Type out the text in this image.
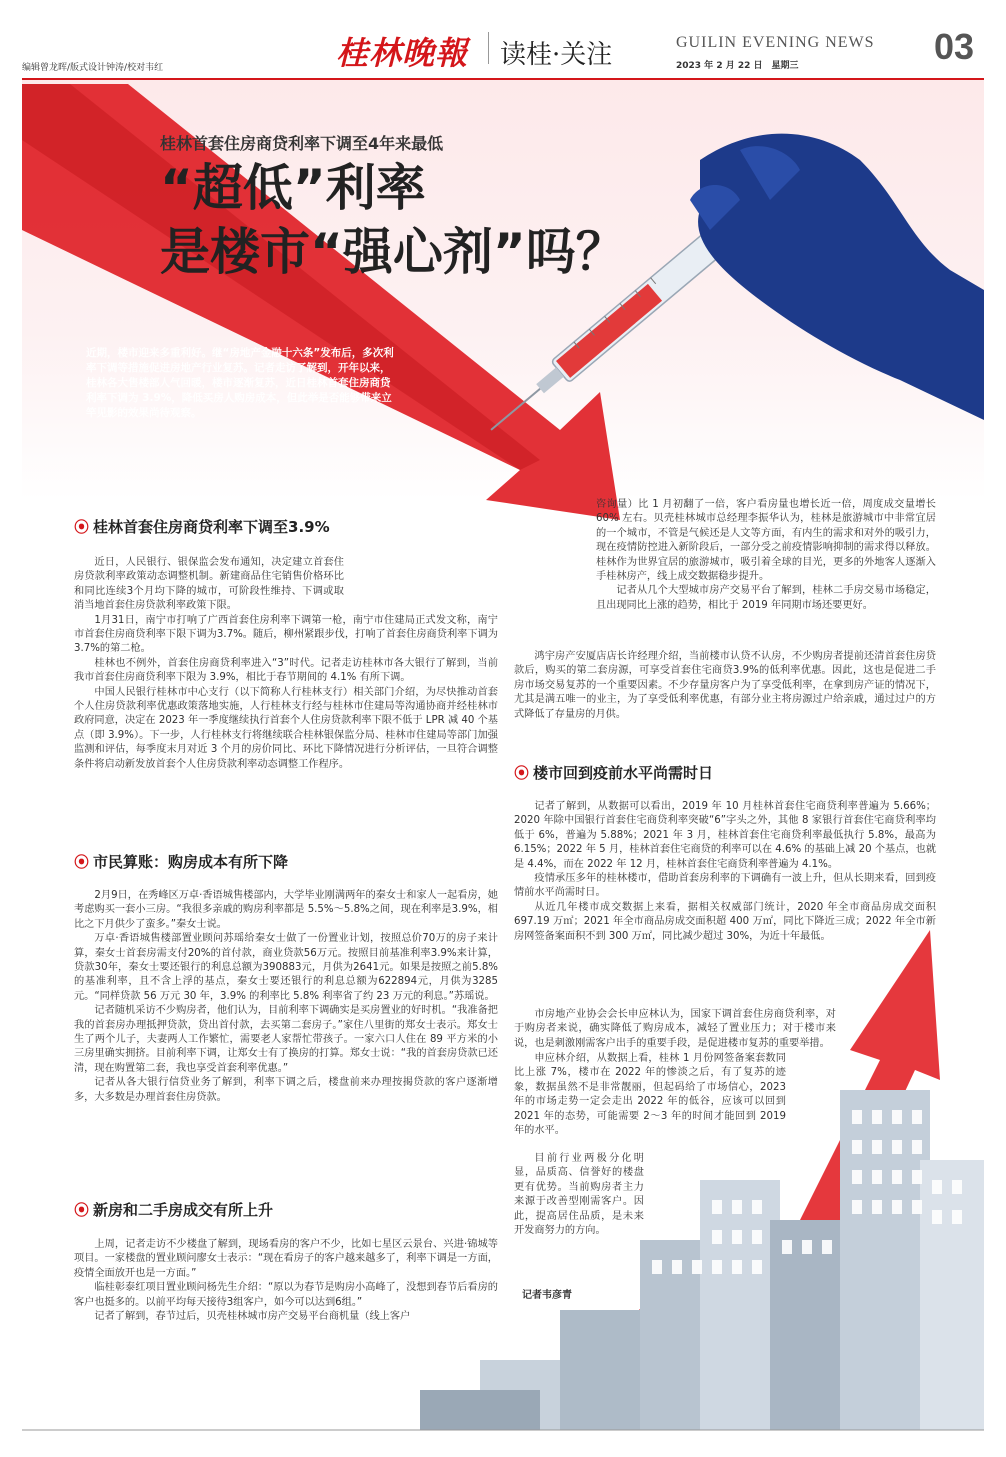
编辑曾龙晖/版式设计钟涛/校对韦红	桂林晚報 读桂·关注	GUILIN EVENING NEWS
2023 年 2 月 22 日　星期三	03
桂林首套住房商贷利率下调至4年来最低
“超低”利率
是楼市“强心剂”吗？
近期，楼市迎来多重利好。继“房地产金融十六条”发布后，多次利率下调等措施促进房地产行业复苏。记者走访了解到，开年以来，桂林各大售楼部人气回暖，楼市逐渐复苏，近日桂林首套住房商贷利率下调为 3.9%，降低买房人购房成本，但此举是否能够带来立竿见影的效果尚待观察。
⦿ 桂林首套住房商贷利率下调至3.9%

近日，人民银行、银保监会发布通知，决定建立首套住房贷款利率政策动态调整机制。新建商品住宅销售价格环比和同比连续3个月均下降的城市，可阶段性维持、下调或取消当地首套住房贷款利率政策下限。

1月31日，南宁市打响了广西首套住房利率下调第一枪，南宁市住建局正式发文称，南宁市首套住房商贷利率下限下调为3.7%。随后，柳州紧跟步伐，打响了首套住房商贷利率下调为3.7%的第二枪。

桂林也不例外，首套住房商贷利率进入“3”时代。记者走访桂林市各大银行了解到，当前我市首套住房商贷利率下限为 3.9%，相比于春节期间的 4.1% 有所下调。

中国人民银行桂林市中心支行（以下简称人行桂林支行）相关部门介绍，为尽快推动首套个人住房贷款利率优惠政策落地实施，人行桂林支行经与桂林市住建局等沟通协商并经桂林市政府同意，决定在 2023 年一季度继续执行首套个人住房贷款利率下限不低于 LPR 减 40 个基点（即 3.9%）。下一步，人行桂林支行将继续联合桂林银保监分局、桂林市住建局等部门加强监测和评估，每季度末月对近 3 个月的房价同比、环比下降情况进行分析评估，一旦符合调整条件将启动新发放首套个人住房贷款利率动态调整工作程序。

⦿ 市民算账：购房成本有所下降

2月9日，在秀峰区万卓·香语城售楼部内，大学毕业刚满两年的秦女士和家人一起看房，她考虑购买一套小三房。“我很多亲戚的购房利率都是 5.5%～5.8%之间，现在利率是3.9%，相比之下月供少了蛮多。”秦女士说。

万卓·香语城售楼部置业顾问苏瑶给秦女士做了一份置业计划，按照总价70万的房子来计算，秦女士首套房需支付20%的首付款，商业贷款56万元。按照目前基准利率3.9%来计算，贷款30年，秦女士要还银行的利息总额为390883元，月供为2641元。如果是按照之前5.8%的基准利率，且不含上浮的基点，秦女士要还银行的利息总额为622894元，月供为3285元。“同样贷款 56 万元 30 年，3.9% 的利率比 5.8% 利率省了约 23 万元的利息。”苏瑶说。

记者随机采访不少购房者，他们认为，目前利率下调确实是买房置业的好时机。“我准备把我的首套房办理抵押贷款，贷出首付款，去买第二套房子。”家住八里街的郑女士表示。郑女士生了两个儿子，夫妻两人工作繁忙，需要老人家帮忙带孩子。一家六口人住在 89 平方米的小三房里确实拥挤。目前利率下调，让郑女士有了换房的打算。郑女士说：“我的首套房贷款已还清，现在购置第二套，我也享受首套利率优惠。”

记者从各大银行信贷业务了解到，利率下调之后，楼盘前来办理按揭贷款的客户逐渐增多，大多数是办理首套住房贷款。

⦿ 新房和二手房成交有所上升

上周，记者走访不少楼盘了解到，现场看房的客户不少，比如七星区云景台、兴进·锦城等项目。一家楼盘的置业顾问廖女士表示：“现在看房子的客户越来越多了，利率下调是一方面，疫情全面放开也是一方面。”

临桂彰泰红项目置业顾问杨先生介绍：“原以为春节是购房小高峰了，没想到春节后看房的客户也挺多的。以前平均每天接待3组客户，如今可以达到6组。”

记者了解到，春节过后，贝壳桂林城市房产交易平台商机量（线上客户

咨询量）比 1 月初翻了一倍，客户看房量也增长近一倍，周度成交量增长 60% 左右。贝壳桂林城市总经理李振华认为，桂林是旅游城市中非常宜居的一个城市，不管是气候还是人文等方面，有内生的需求和对外的吸引力，现在疫情防控进入新阶段后，一部分受之前疫情影响抑制的需求得以释放。桂林作为世界宜居的旅游城市，吸引着全球的目光，更多的外地客人逐渐入手桂林房产，线上成交数据稳步提升。

记者从几个大型城市房产交易平台了解到，桂林二手房交易市场稳定，且出现同比上涨的趋势，相比于 2019 年同期市场还要更好。

鸿宇房产安厦店店长许经理介绍，当前楼市认贷不认房，不少购房者提前还清首套住房贷款后，购买的第二套房源，可享受首套住宅商贷3.9%的低利率优惠。因此，这也是促进二手房市场交易复苏的一个重要因素。不少存量房客户为了享受低利率，在拿到房产证的情况下，尤其是满五唯一的业主，为了享受低利率优惠，有部分业主将房源过户给亲戚，通过过户的方式降低了存量房的月供。

⦿ 楼市回到疫前水平尚需时日

记者了解到，从数据可以看出，2019 年 10 月桂林首套住宅商贷利率普遍为 5.66%；2020 年除中国银行首套住宅商贷利率突破“6”字头之外，其他 8 家银行首套住宅商贷利率均低于 6%，普遍为 5.88%；2021 年 3 月，桂林首套住宅商贷利率最低执行 5.8%，最高为 6.15%；2022 年 5 月，桂林首套住宅商贷的利率可以在 4.6% 的基础上减 20 个基点，也就是 4.4%，而在 2022 年 12 月，桂林首套住宅商贷利率普遍为 4.1%。

疫情承压多年的桂林楼市，借助首套房利率的下调确有一波上升，但从长期来看，回到疫情前水平尚需时日。

从近几年楼市成交数据上来看，据相关权威部门统计，2020 年全市商品房成交面积 697.19 万㎡；2021 年全市商品房成交面积超 400 万㎡，同比下降近三成；2022 年全市新房网签备案面积不到 300 万㎡，同比减少超过 30%，为近十年最低。

市房地产业协会会长申应林认为，国家下调首套住房商贷利率，对于购房者来说，确实降低了购房成本，减轻了置业压力；对于楼市来说，也是刺激刚需客户出手的重要手段，是促进楼市复苏的重要举措。

申应林介绍，从数据上看，桂林 1 月份网签备案套数同比上涨 7%，楼市在 2022 年的惨淡之后，有了复苏的迹象，数据虽然不是非常靓丽，但起码给了市场信心，2023 年的市场走势一定会走出 2022 年的低谷，应该可以回到 2021 年的态势，可能需要 2～3 年的时间才能回到 2019 年的水平。

目前行业两极分化明显，品质高、信誉好的楼盘更有优势。当前购房者主力来源于改善型刚需客户。因此，提高居住品质，是未来开发商努力的方向。

记者韦彦青
